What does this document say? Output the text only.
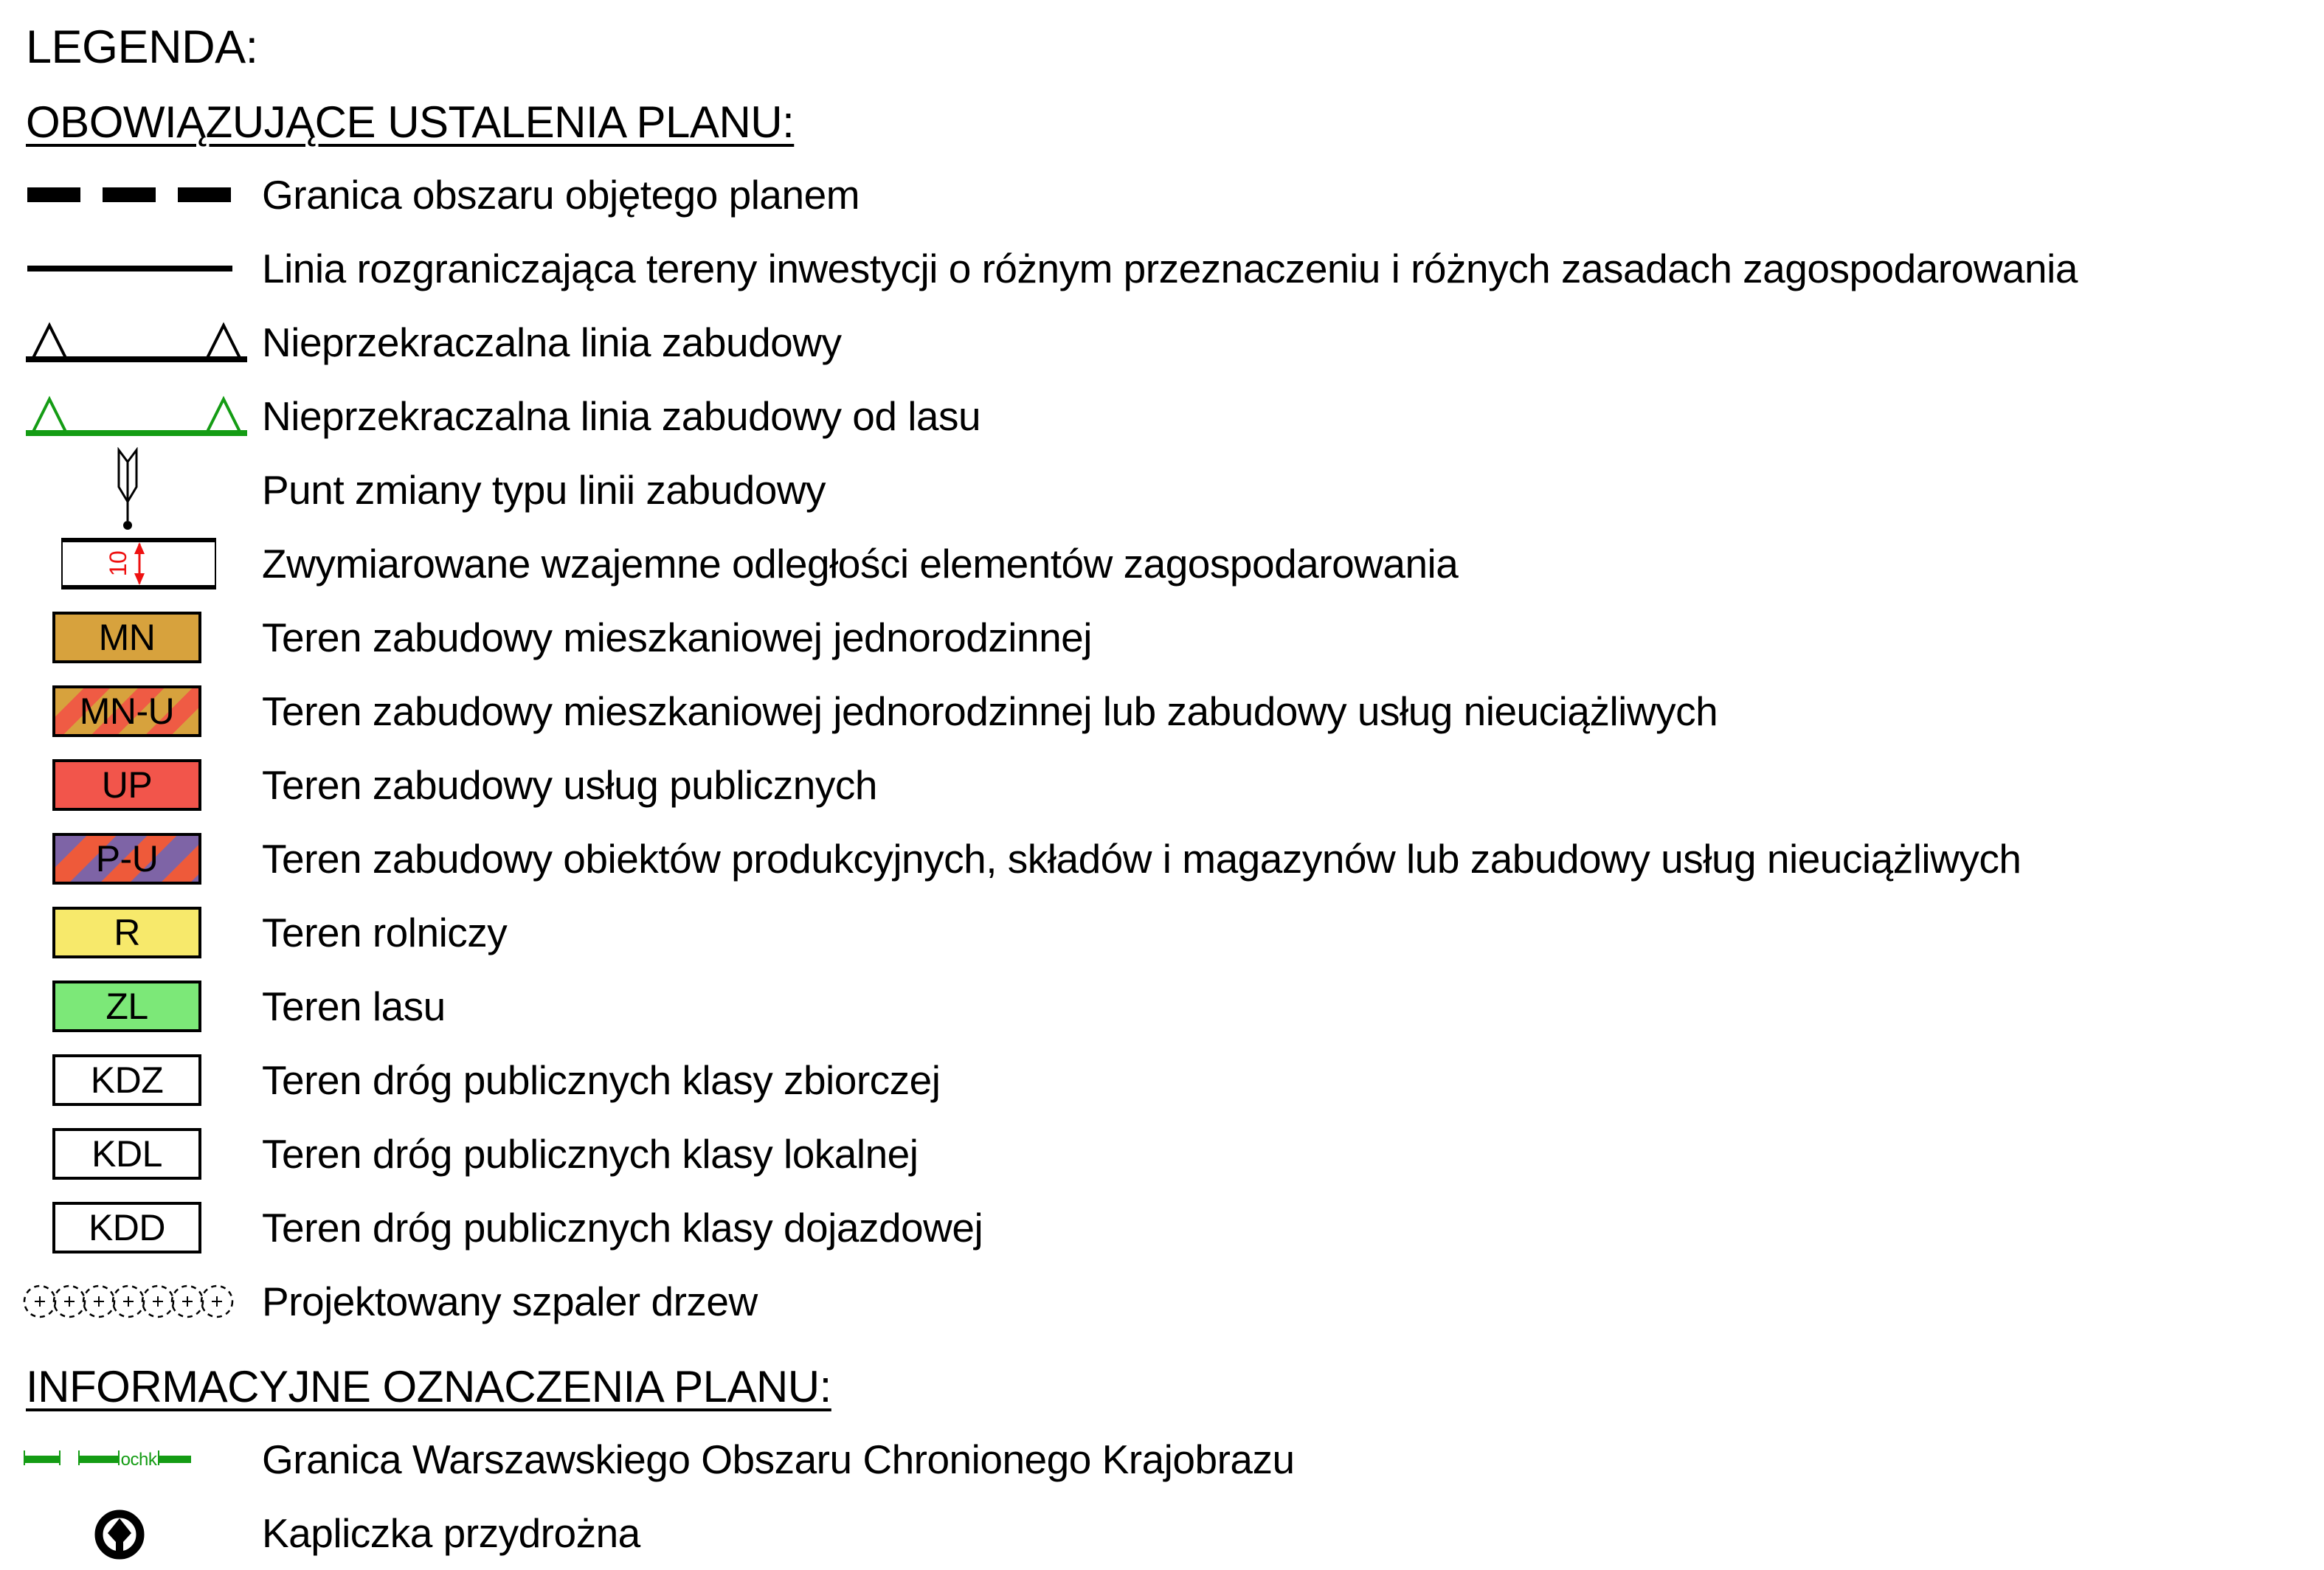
LEGENDA:
OBOWIĄZUJĄCE USTALENIA PLANU:
Granica obszaru objętego planem
Linia rozgraniczająca tereny inwestycji o różnym przeznaczeniu i różnych zasadach zagospodarowania
Nieprzekraczalna linia zabudowy
Nieprzekraczalna linia zabudowy od lasu
Punt zmiany typu linii zabudowy
10	Zwymiarowane wzajemne odległości elementów zagospodarowania
MN	Teren zabudowy mieszkaniowej jednorodzinnej
MN-U Teren zabudowy mieszkaniowej jednorodzinnej lub zabudowy usług nieuciążliwych
UP	Teren zabudowy usług publicznych
P-U	Teren zabudowy obiektów produkcyjnych, składów i magazynów lub zabudowy usług nieuciążliwych
R	Teren rolniczy
ZL	Teren lasu
KDZ Teren dróg publicznych klasy zbiorczej
KDL Teren dróg publicznych klasy lokalnej
KDD Teren dróg publicznych klasy dojazdowej
Projektowany szpaler drzew
INFORMACYJNE OZNACZENIA PLANU:
ochk	Granica Warszawskiego Obszaru Chronionego Krajobrazu
Kapliczka przydrożna
